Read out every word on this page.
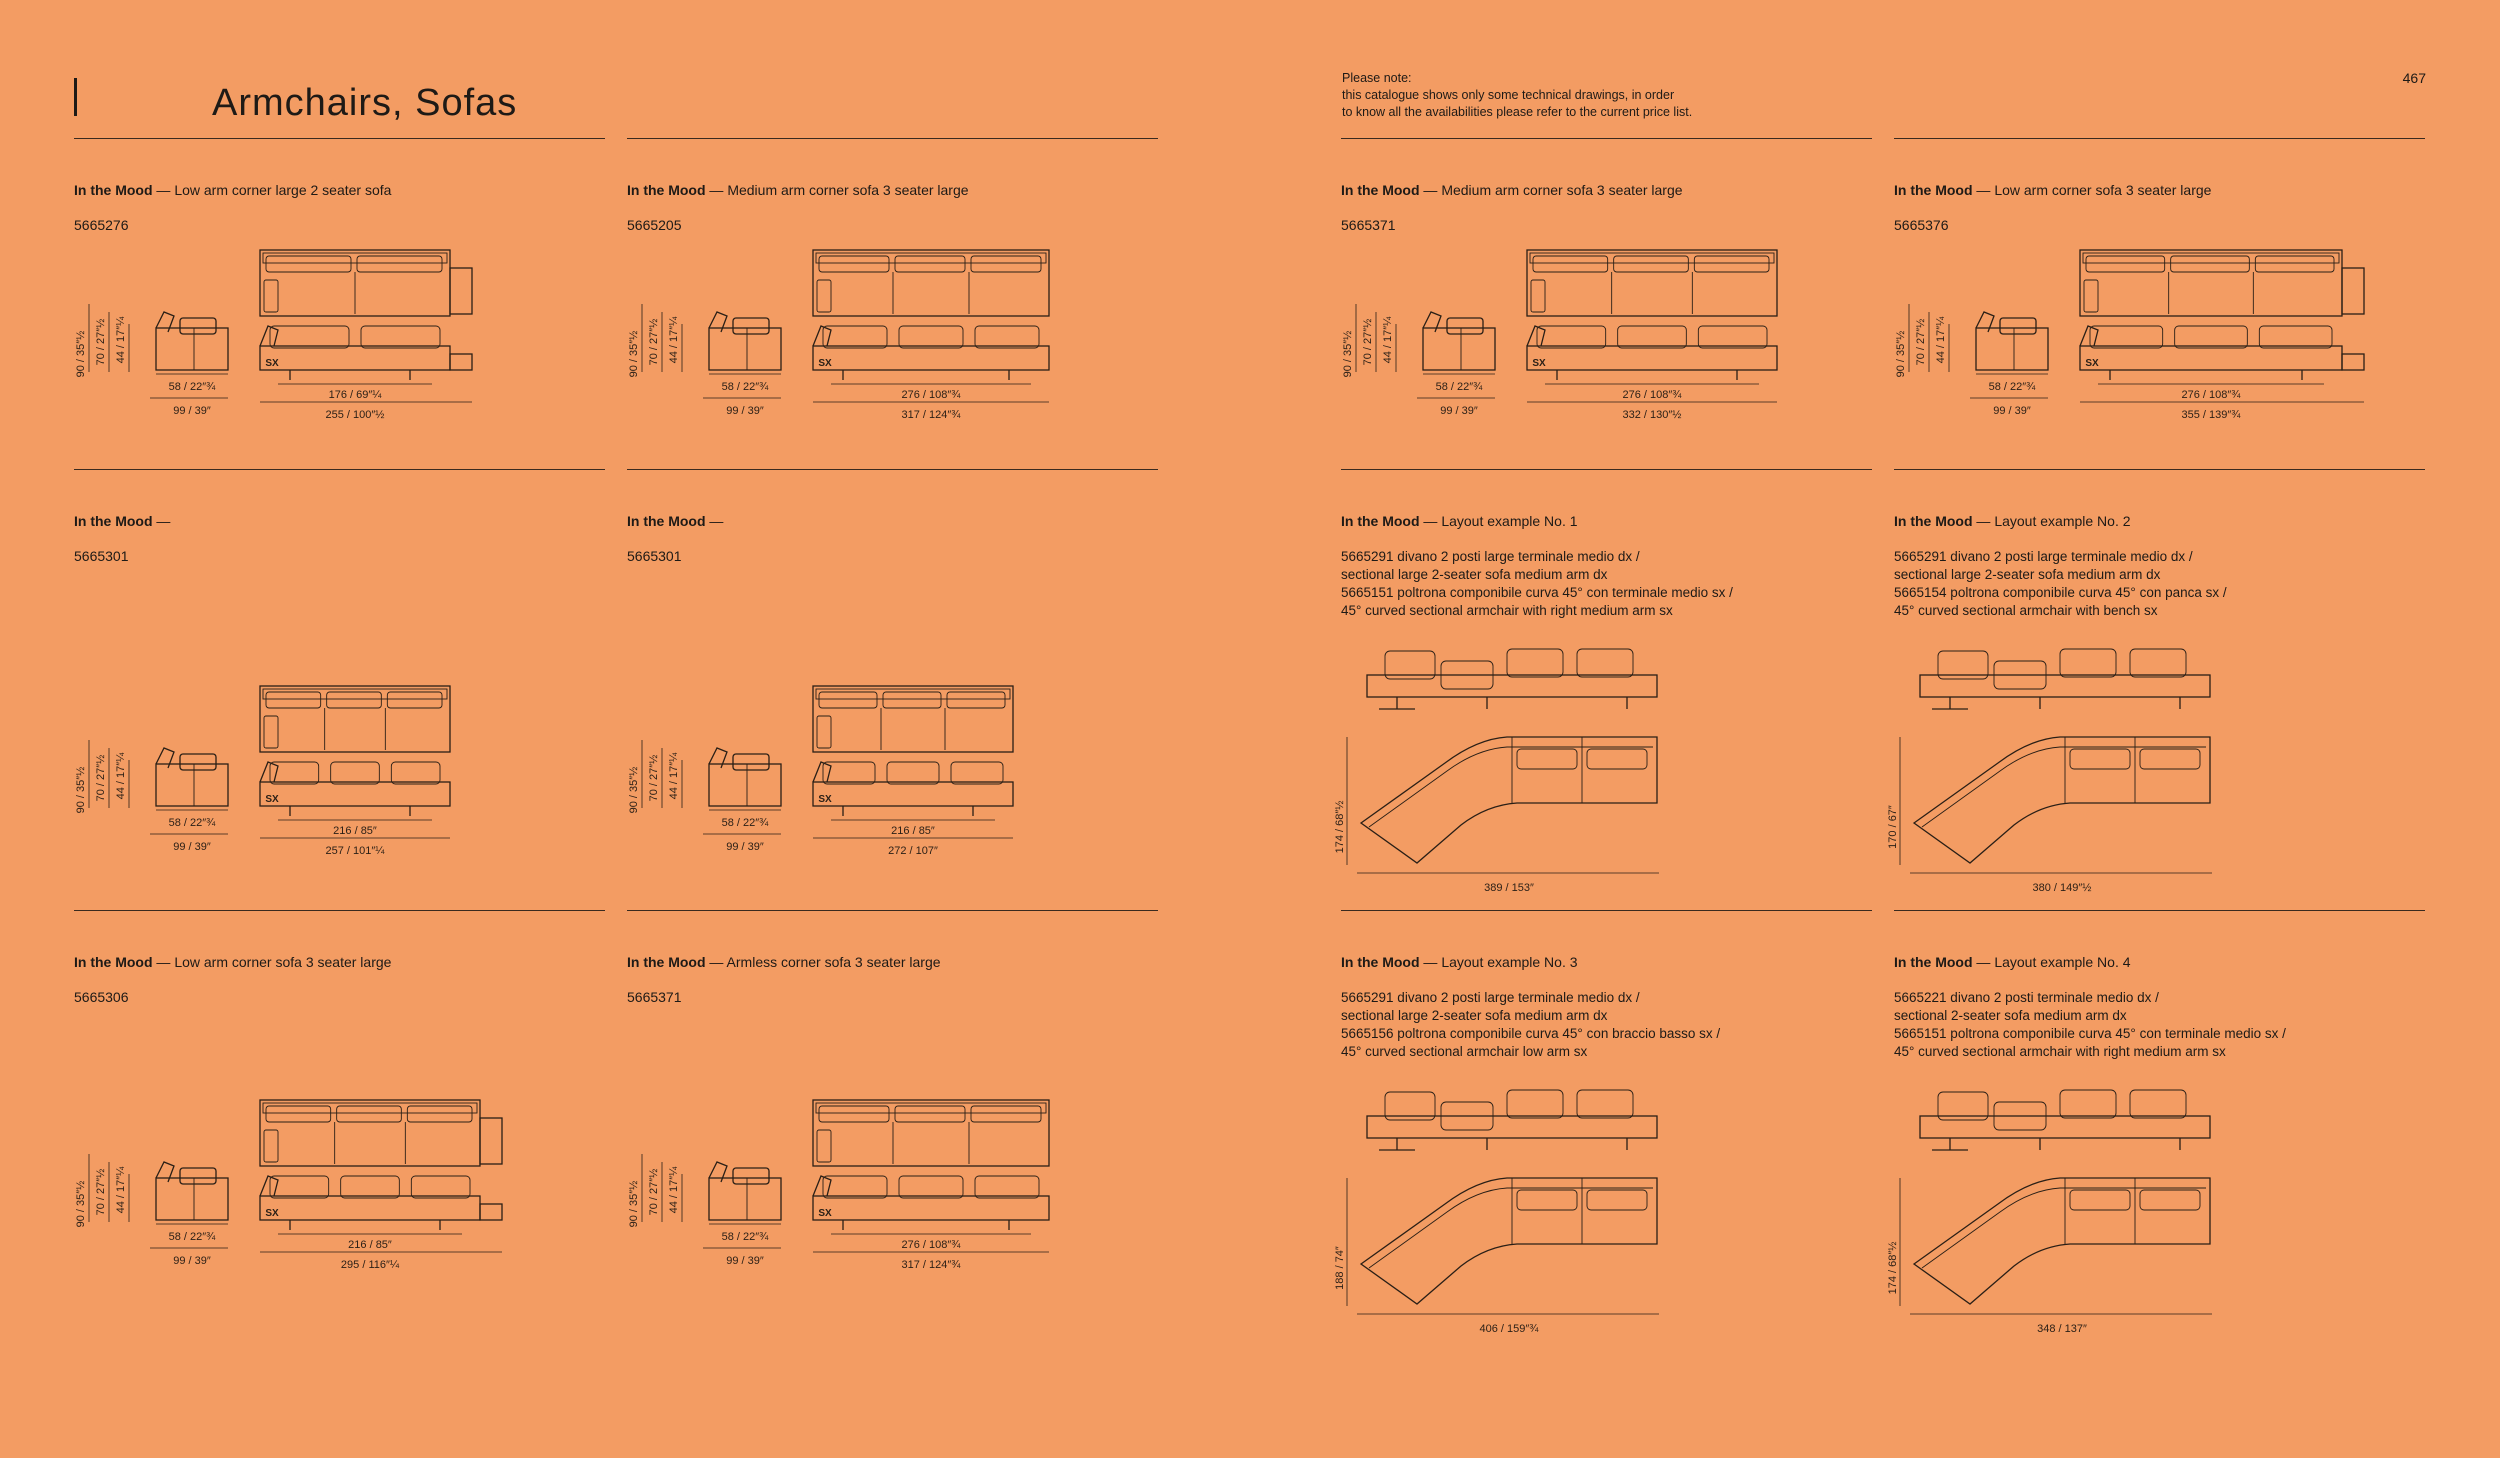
Armchairs, Sofas
Please note:
this catalogue shows only some technical drawings, in order
to know all the availabilities please refer to the current price list.
467
In the Mood — Low arm corner large 2 seater sofa
5665276
90 / 35″½ 70 / 27″½ 44 / 17″¼
58 / 22″¾
99 / 39″
SX
176 / 69″¼
255 / 100″½
In the Mood — Medium arm corner sofa 3 seater large
5665205
90 / 35″½ 70 / 27″½ 44 / 17″¼
58 / 22″¾
99 / 39″
SX
276 / 108″¾
317 / 124″¾
In the Mood — Medium arm corner sofa 3 seater large
5665371
90 / 35″½ 70 / 27″½ 44 / 17″¼
58 / 22″¾
99 / 39″
SX
276 / 108″¾
332 / 130″½
In the Mood — Low arm corner sofa 3 seater large
5665376
90 / 35″½ 70 / 27″½ 44 / 17″¼
58 / 22″¾
99 / 39″
SX
276 / 108″¾
355 / 139″¾
In the Mood —
5665301
90 / 35″½ 70 / 27″½ 44 / 17″¼
58 / 22″¾
99 / 39″
SX
216 / 85″
257 / 101″¼
In the Mood —
5665301
90 / 35″½ 70 / 27″½ 44 / 17″¼
58 / 22″¾
99 / 39″
SX
216 / 85″
272 / 107″
In the Mood — Low arm corner sofa 3 seater large
5665306
90 / 35″½ 70 / 27″½ 44 / 17″¼
58 / 22″¾
99 / 39″
SX
216 / 85″
295 / 116″¼
In the Mood — Armless corner sofa 3 seater large
5665371
90 / 35″½ 70 / 27″½ 44 / 17″¼
58 / 22″¾
99 / 39″
SX
276 / 108″¾
317 / 124″¾
In the Mood — Layout example No. 1
5665291 divano 2 posti large terminale medio dx /
sectional large 2-seater sofa medium arm dx
5665151 poltrona componibile curva 45° con terminale medio sx /
45° curved sectional armchair with right medium arm sx
174 / 68″½
389 / 153″
In the Mood — Layout example No. 2
5665291 divano 2 posti large terminale medio dx /
sectional large 2-seater sofa medium arm dx
5665154 poltrona componibile curva 45° con panca sx /
45° curved sectional armchair with bench sx
170 / 67″
380 / 149″½
In the Mood — Layout example No. 3
5665291 divano 2 posti large terminale medio dx /
sectional large 2-seater sofa medium arm dx
5665156 poltrona componibile curva 45° con braccio basso sx /
45° curved sectional armchair low arm sx
188 / 74″
406 / 159″¾
In the Mood — Layout example No. 4
5665221 divano 2 posti terminale medio dx /
sectional 2-seater sofa medium arm dx
5665151 poltrona componibile curva 45° con terminale medio sx /
45° curved sectional armchair with right medium arm sx
174 / 68″½
348 / 137″
